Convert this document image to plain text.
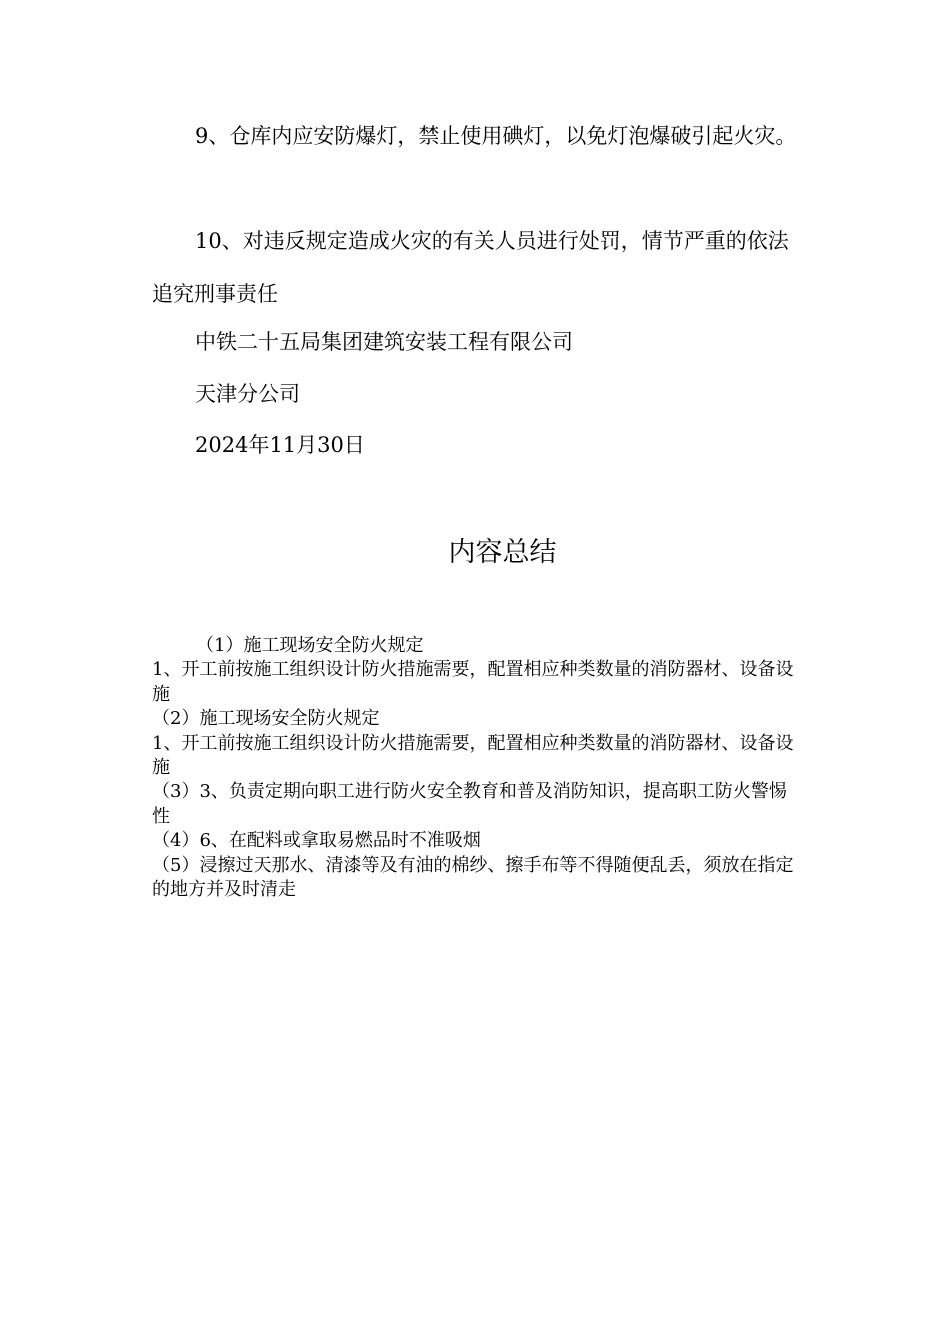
9、仓库内应安防爆灯，禁止使用碘灯，以免灯泡爆破引起火灾。

10、对违反规定造成火灾的有关人员进行处罚，情节严重的依法追究刑事责任

中铁二十五局集团建筑安装工程有限公司

天津分公司

2024年11月30日

内容总结
（1）施工现场安全防火规定
1、开工前按施工组织设计防火措施需要，配置相应种类数量的消防器材、设备设施
（2）施工现场安全防火规定
1、开工前按施工组织设计防火措施需要，配置相应种类数量的消防器材、设备设施
（3）3、负责定期向职工进行防火安全教育和普及消防知识，提高职工防火警惕性
（4）6、在配料或拿取易燃品时不准吸烟
（5）浸擦过天那水、清漆等及有油的棉纱、擦手布等不得随便乱丢，须放在指定的地方并及时清走
